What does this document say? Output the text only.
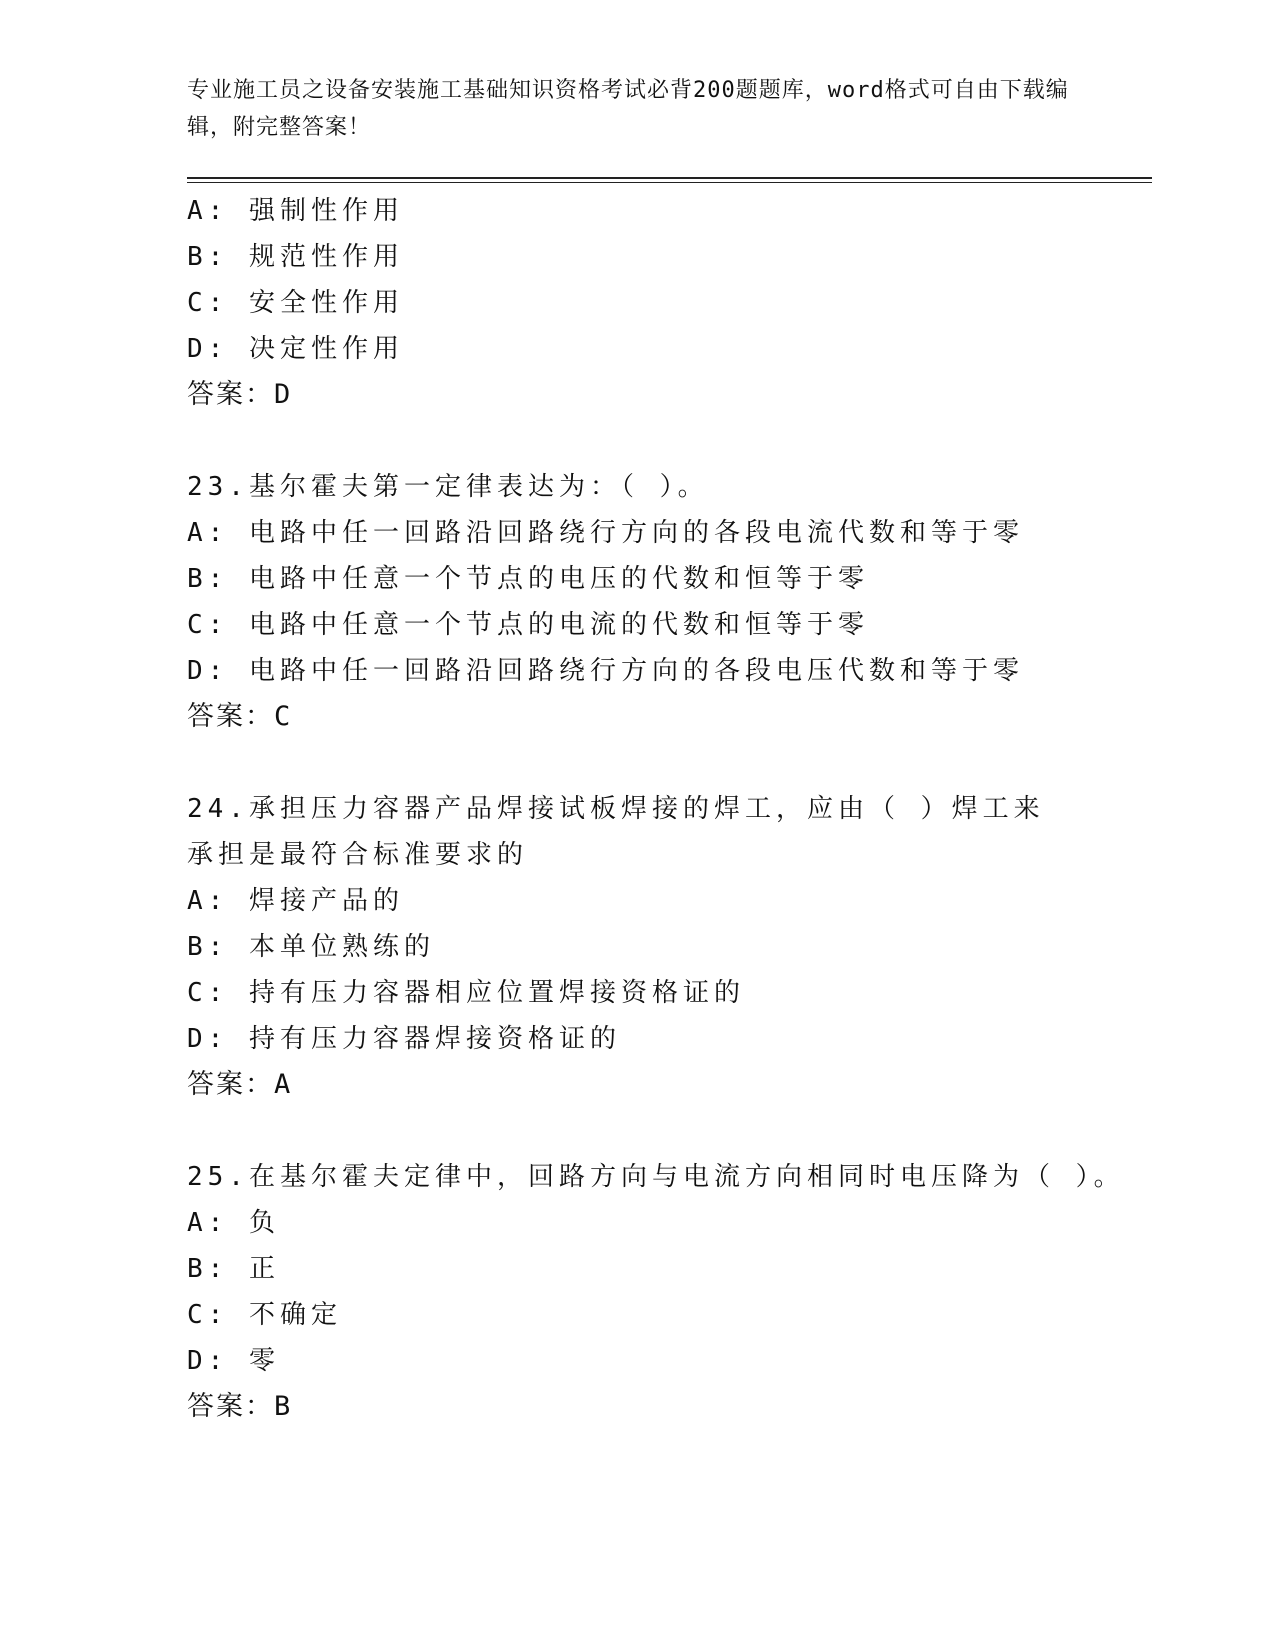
专业施工员之设备安装施工基础知识资格考试必背200题题库，word格式可自由下载编辑，附完整答案！
A: 强制性作用
B: 规范性作用
C: 安全性作用
D: 决定性作用
答案：D
23.基尔霍夫第一定律表达为：（ ）。
A: 电路中任一回路沿回路绕行方向的各段电流代数和等于零
B: 电路中任意一个节点的电压的代数和恒等于零
C: 电路中任意一个节点的电流的代数和恒等于零
D: 电路中任一回路沿回路绕行方向的各段电压代数和等于零
答案：C
24.承担压力容器产品焊接试板焊接的焊工，应由（ ）焊工来承担是最符合标准要求的
A: 焊接产品的
B: 本单位熟练的
C: 持有压力容器相应位置焊接资格证的
D: 持有压力容器焊接资格证的
答案：A
25.在基尔霍夫定律中，回路方向与电流方向相同时电压降为（ ）。
A: 负
B: 正
C: 不确定
D: 零
答案：B
